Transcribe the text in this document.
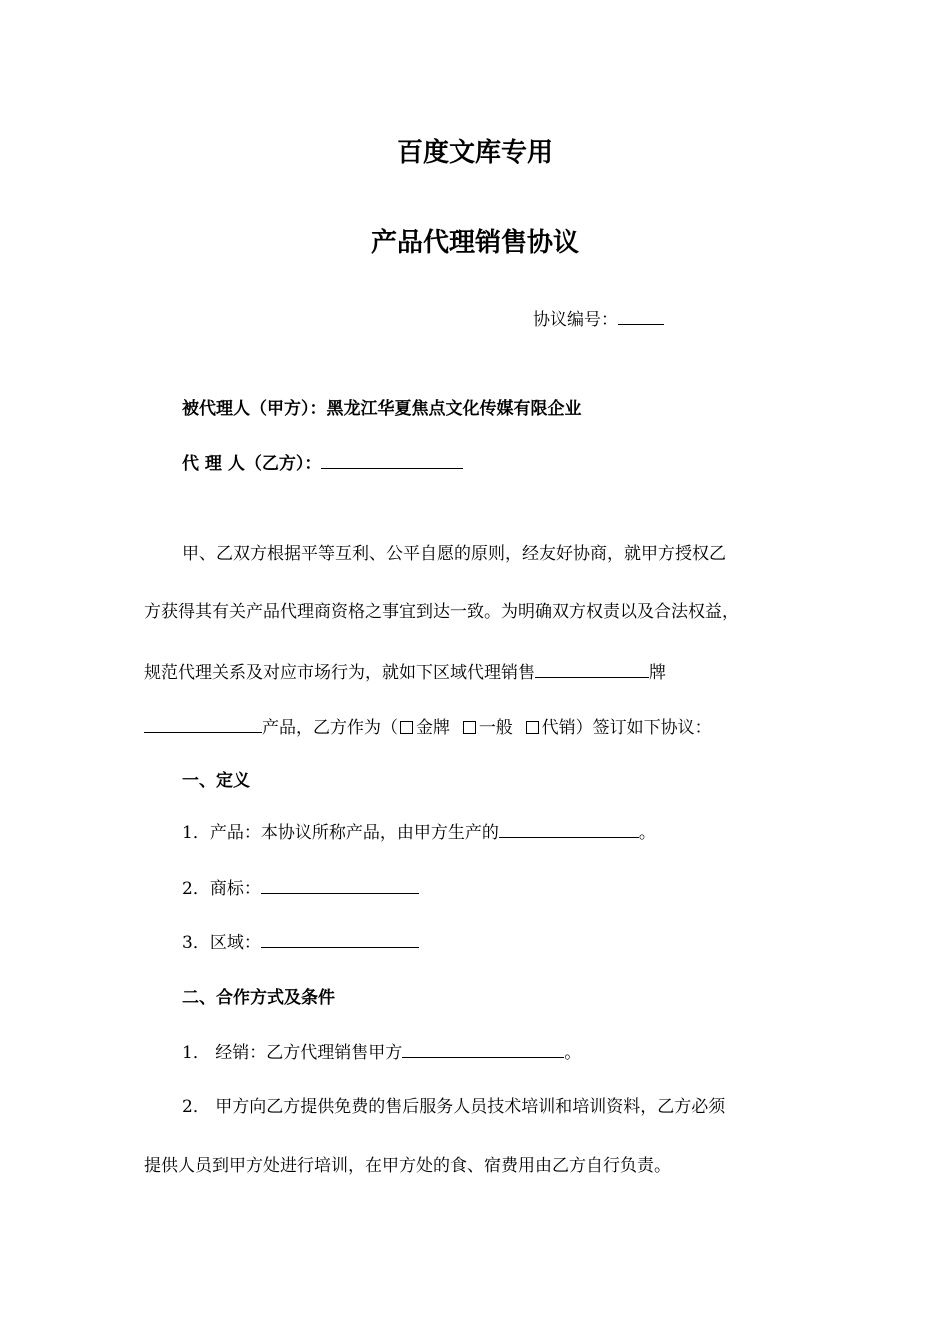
百度文库专用
产品代理销售协议
协议编号：
被代理人（甲方）：黑龙江华夏焦点文化传媒有限企业
代 理 人（乙方）：
甲、乙双方根据平等互利、公平自愿的原则，经友好协商，就甲方授权乙
方获得其有关产品代理商资格之事宜到达一致。为明确双方权责以及合法权益，
规范代理关系及对应市场行为，就如下区域代理销售	牌
产品，乙方作为（ 金牌 一般 代销）签订如下协议：
一、定义
1．产品：本协议所称产品，由甲方生产的	。
2．商标：
3．区域：
二、合作方式及条件
1． 经销：乙方代理销售甲方	。
2． 甲方向乙方提供免费的售后服务人员技术培训和培训资料，乙方必须
提供人员到甲方处进行培训，在甲方处的食、宿费用由乙方自行负责。
